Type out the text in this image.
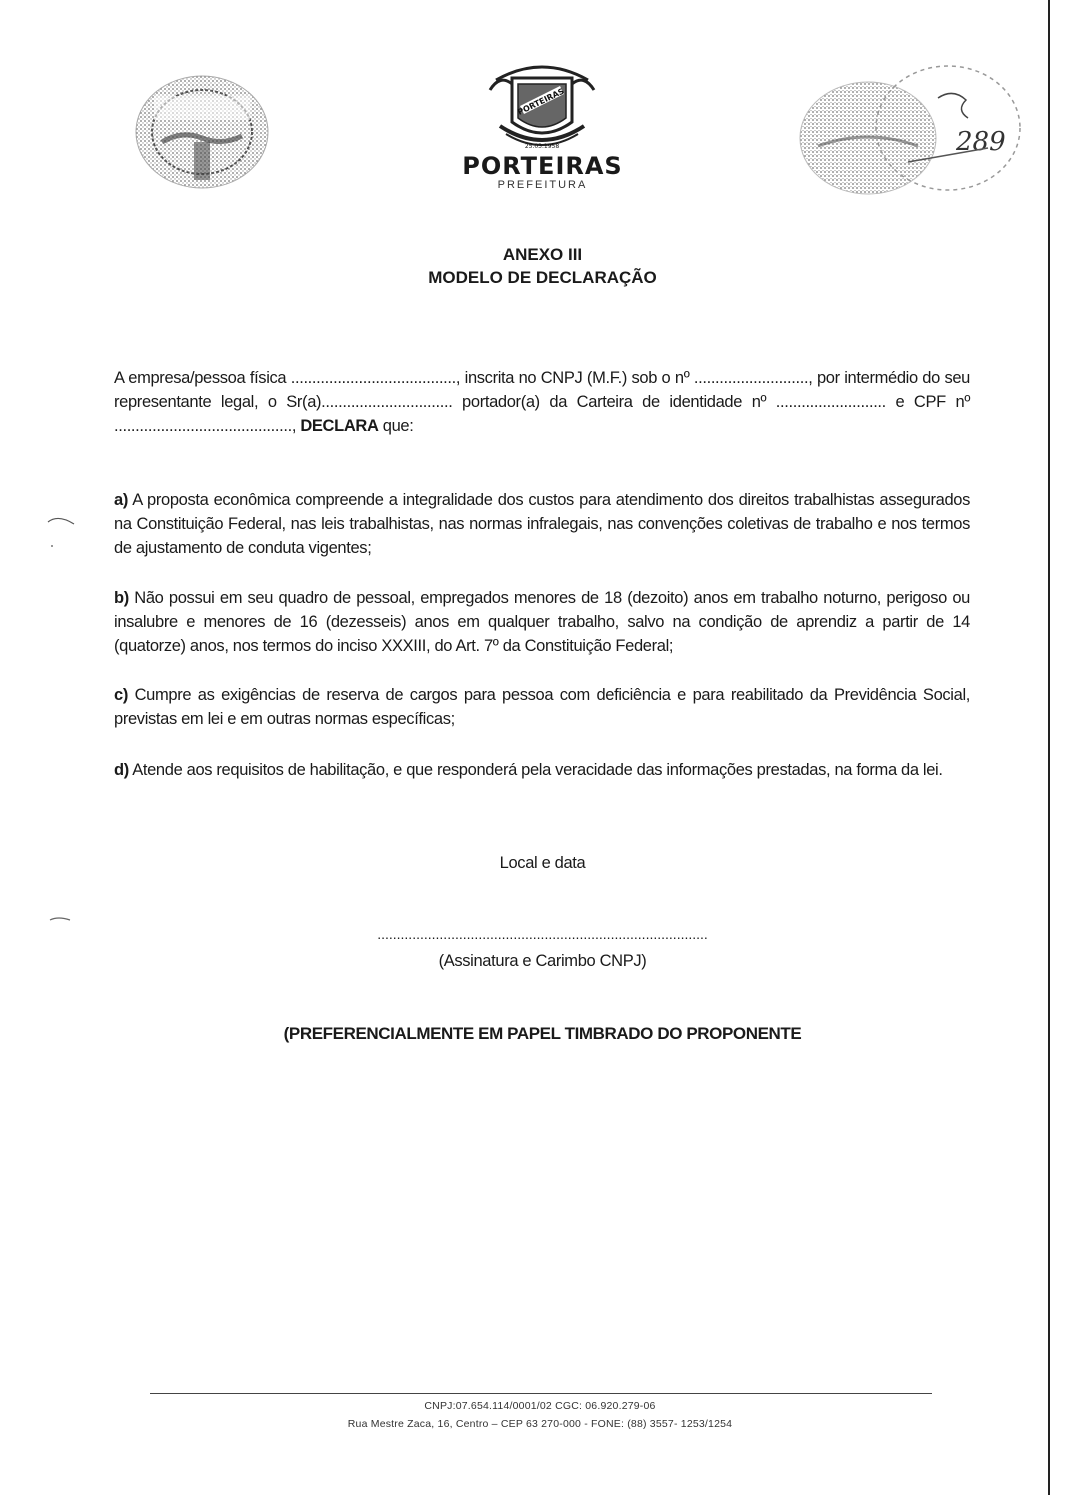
PORTEIRAS
25.03.1958
PORTEIRAS
PREFEITURA
289
ANEXO III
MODELO DE DECLARAÇÃO
A empresa/pessoa física ......................................., inscrita no CNPJ (M.F.) sob o nº ..........................., por intermédio do seu representante legal, o Sr(a)............................... portador(a) da Carteira de identidade nº .......................... e CPF nº .........................................., DECLARA que:
a) A proposta econômica compreende a integralidade dos custos para atendimento dos direitos trabalhistas assegurados na Constituição Federal, nas leis trabalhistas, nas normas infralegais, nas convenções coletivas de trabalho e nos termos de ajustamento de conduta vigentes;
b) Não possui em seu quadro de pessoal, empregados menores de 18 (dezoito) anos em trabalho noturno, perigoso ou insalubre e menores de 16 (dezesseis) anos em qualquer trabalho, salvo na condição de aprendiz a partir de 14 (quatorze) anos, nos termos do inciso XXXIII, do Art. 7º da Constituição Federal;
c) Cumpre as exigências de reserva de cargos para pessoa com deficiência e para reabilitado da Previdência Social, previstas em lei e em outras normas específicas;
d) Atende aos requisitos de habilitação, e que responderá pela veracidade das informações prestadas, na forma da lei.
Local e data
.....................................................................................
(Assinatura e Carimbo CNPJ)
(PREFERENCIALMENTE EM PAPEL TIMBRADO DO PROPONENTE
CNPJ:07.654.114/0001/02 CGC: 06.920.279-06
Rua Mestre Zaca, 16, Centro – CEP 63 270-000 - FONE: (88) 3557- 1253/1254
